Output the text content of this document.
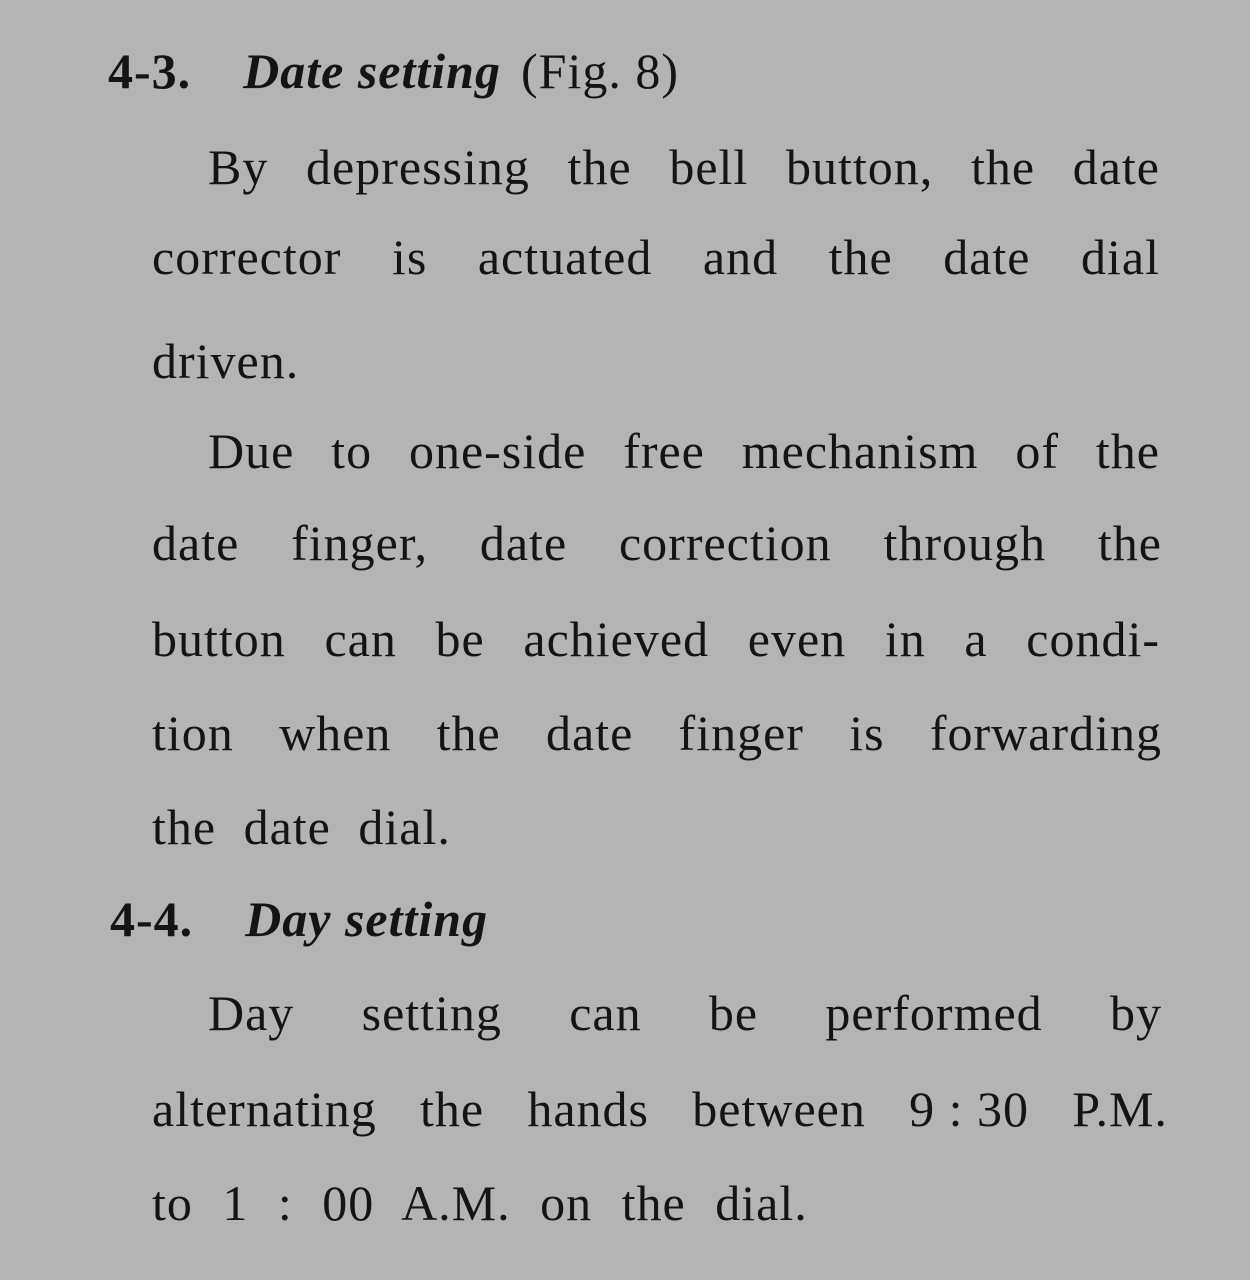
4-3. Date setting (Fig. 8)
By depressing the bell button, the date
corrector is actuated and the date dial
driven.
Due to one-side free mechanism of the
date finger, date correction through the
button can be achieved even in a condi-
tion when the date finger is forwarding
the date dial.
4-4. Day setting
Day setting can be performed by
alternating the hands between 9 : 30 P.M.
to 1 : 00 A.M. on the dial.
